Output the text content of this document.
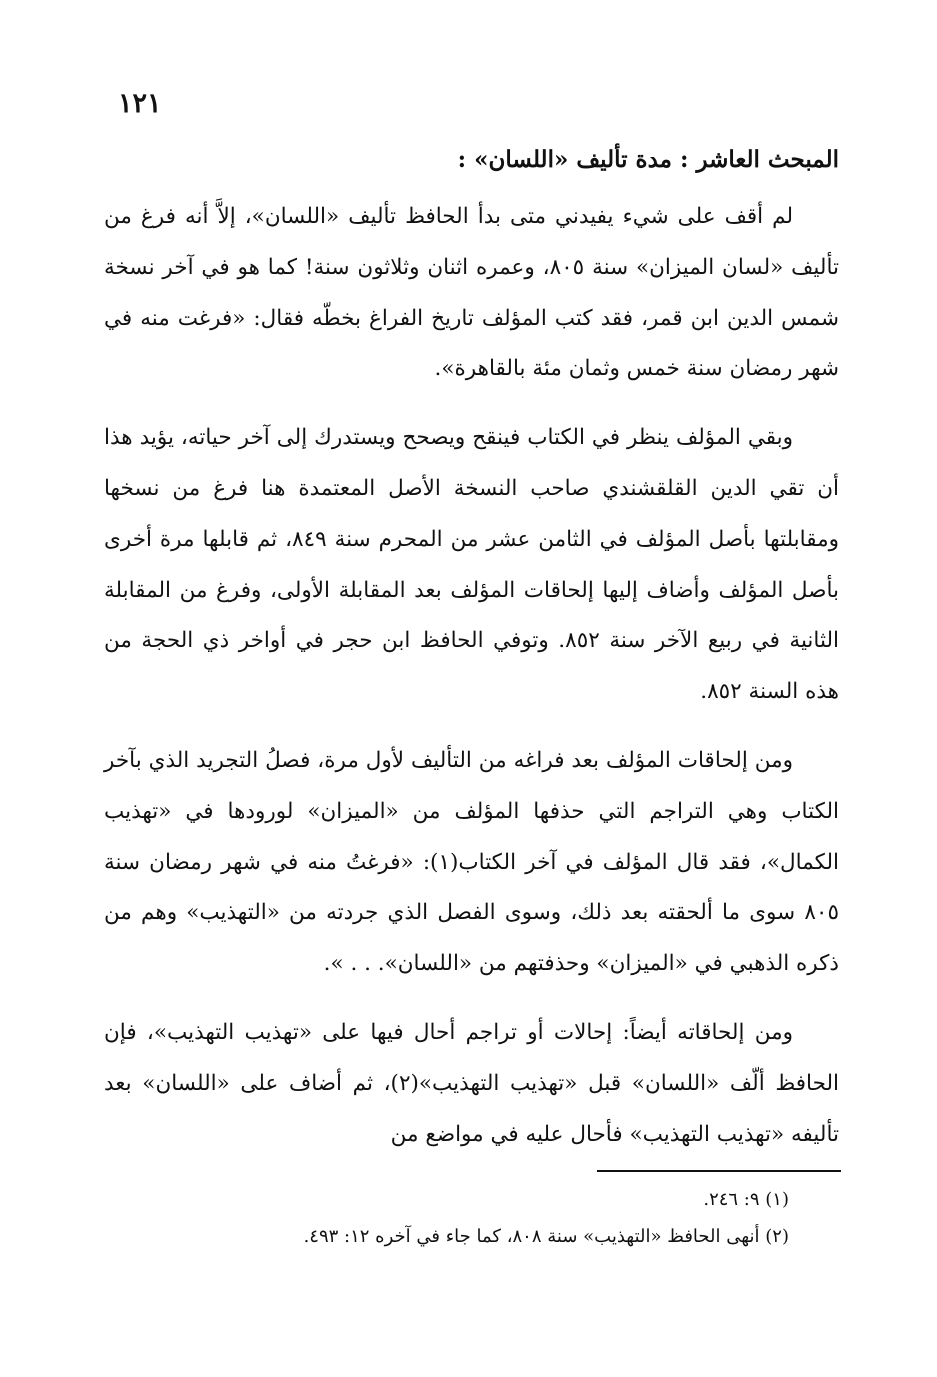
١٢١
المبحث العاشر : مدة تأليف «اللسان» :

لم أقف على شيء يفيدني متى بدأ الحافظ تأليف «اللسان»، إلاَّ أنه فرغ من تأليف «لسان الميزان» سنة ٨٠٥، وعمره اثنان وثلاثون سنة! كما هو في آخر نسخة شمس الدين ابن قمر، فقد كتب المؤلف تاريخ الفراغ بخطّه فقال: «فرغت منه في شهر رمضان سنة خمس وثمان مئة بالقاهرة».

وبقي المؤلف ينظر في الكتاب فينقح ويصحح ويستدرك إلى آخر حياته، يؤيد هذا أن تقي الدين القلقشندي صاحب النسخة الأصل المعتمدة هنا فرغ من نسخها ومقابلتها بأصل المؤلف في الثامن عشر من المحرم سنة ٨٤٩، ثم قابلها مرة أخرى بأصل المؤلف وأضاف إليها إلحاقات المؤلف بعد المقابلة الأولى، وفرغ من المقابلة الثانية في ربيع الآخر سنة ٨٥٢. وتوفي الحافظ ابن حجر في أواخر ذي الحجة من هذه السنة ٨٥٢.

ومن إلحاقات المؤلف بعد فراغه من التأليف لأول مرة، فصلُ التجريد الذي بآخر الكتاب وهي التراجم التي حذفها المؤلف من «الميزان» لورودها في «تهذيب الكمال»، فقد قال المؤلف في آخر الكتاب(١): «فرغتُ منه في شهر رمضان سنة ٨٠٥ سوى ما ألحقته بعد ذلك، وسوى الفصل الذي جردته من «التهذيب» وهم من ذكره الذهبي في «الميزان» وحذفتهم من «اللسان». . . ».

ومن إلحاقاته أيضاً: إحالات أو تراجم أحال فيها على «تهذيب التهذيب»، فإن الحافظ ألّف «اللسان» قبل «تهذيب التهذيب»(٢)، ثم أضاف على «اللسان» بعد تأليفه «تهذيب التهذيب» فأحال عليه في مواضع من

(١) ٩: ٢٤٦.

(٢) أنهى الحافظ «التهذيب» سنة ٨٠٨، كما جاء في آخره ١٢: ٤٩٣.
